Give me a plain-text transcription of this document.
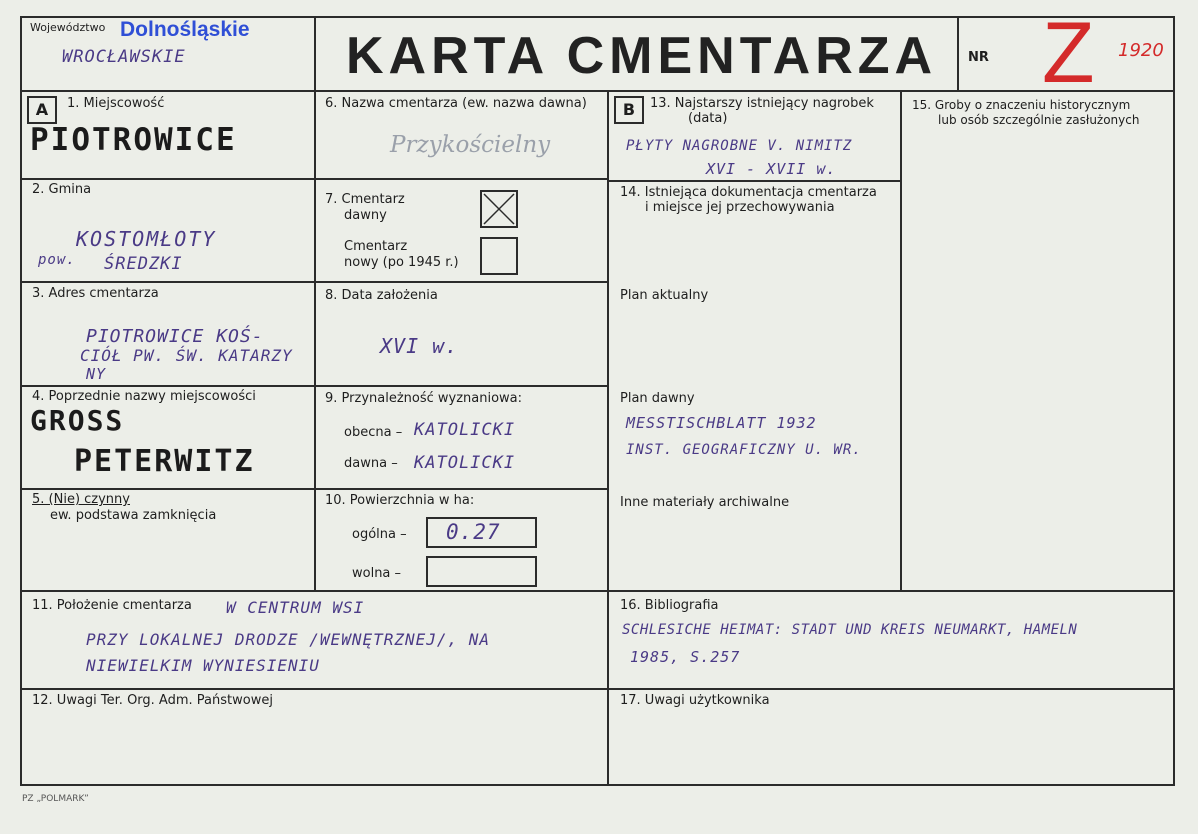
Województwo Dolnośląskie
WROCŁAWSKIE	KARTA CMENTARZA NR Z 1920
A	1. Miejscowość
PIOTROWICE
2. Gmina
KOSTOMŁOTY
pow. ŚREDZKI
3. Adres cmentarza
PIOTROWICE KOŚ-
CIÓŁ PW. ŚW. KATARZY
NY
4. Poprzednie nazwy miejscowości
GROSS
PETERWITZ
5. (Nie) czynny
ew. podstawa zamknięcia
6. Nazwa cmentarza (ew. nazwa dawna)
Przykościelny
7. Cmentarz
dawny
Cmentarz
nowy (po 1945 r.)
8. Data założenia
XVI w.
9. Przynależność wyznaniowa:
obecna – KATOLICKI
dawna – KATOLICKI
10. Powierzchnia w ha:
ogólna – 0.27
wolna –
B	13. Najstarszy istniejący nagrobek
(data)
PŁYTY NAGROBNE V. NIMITZ
XVI - XVII w.
14. Istniejąca dokumentacja cmentarza
i miejsce jej przechowywania
Plan aktualny
Plan dawny
MESSTISCHBLATT 1932
INST. GEOGRAFICZNY U. WR.
Inne materiały archiwalne
15. Groby o znaczeniu historycznym
lub osób szczególnie zasłużonych
11. Położenie cmentarza W CENTRUM WSI
PRZY LOKALNEJ DRODZE /WEWNĘTRZNEJ/, NA
NIEWIELKIM WYNIESIENIU
16. Bibliografia
SCHLESICHE HEIMAT: STADT UND KREIS NEUMARKT, HAMELN
1985, S.257
12. Uwagi Ter. Org. Adm. Państwowej	17. Uwagi użytkownika
PZ „POLMARK”
